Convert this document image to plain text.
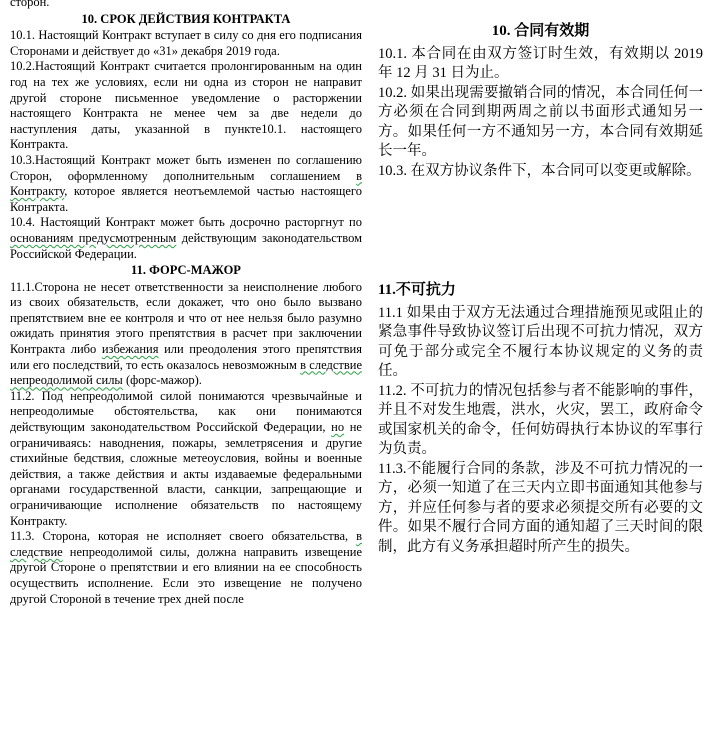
сторон.
10. СРОК ДЕЙСТВИЯ КОНТРАКТА
10.1. Настоящий Контракт вступает в силу со дня его подписания Сторонами и действует до «31» декабря 2019 года.
10.2.Настоящий Контракт считается пролонгированным на один год на тех же условиях, если ни одна из сторон не направит другой стороне письменное уведомление о расторжении настоящего Контракта не менее чем за две недели до наступления даты, указанной в пункте10.1. настоящего Контракта.
10.3.Настоящий Контракт может быть изменен по соглашению Сторон, оформленному дополнительным соглашением в Контракту, которое является неотъемлемой частью настоящего Контракта.
10.4. Настоящий Контракт может быть досрочно расторгнут по основаниям предусмотренным действующим законодательством Российской Федерации.
11. ФОРС-МАЖОР
11.1.Сторона не несет ответственности за неисполнение любого из своих обязательств, если докажет, что оно было вызвано препятствием вне ее контроля и что от нее нельзя было разумно ожидать принятия этого препятствия в расчет при заключении Контракта либо избежания или преодоления этого препятствия или его последствий, то есть оказалось невозможным в следствие непреодолимой силы (форс-мажор).
11.2. Под непреодолимой силой понимаются чрезвычайные и непреодолимые обстоятельства, как они понимаются действующим законодательством Российской Федерации, но не ограничиваясь: наводнения, пожары, землетрясения и другие стихийные бедствия, сложные метеоусловия, войны и военные действия, а также действия и акты издаваемые федеральными органами государственной власти, санкции, запрещающие и ограничивающие исполнение обязательств по настоящему Контракту.
11.3. Сторона, которая не исполняет своего обязательства, в следствие непреодолимой силы, должна направить извещение другой Стороне о препятствии и его влиянии на ее способность осуществить исполнение. Если это извещение не получено другой Стороной в течение трех дней после
10. 合同有效期
10.1. 本合同在由双方签订时生效，有效期以 2019 年 12 月 31 日为止。
10.2. 如果出现需要撤销合同的情况，本合同任何一方必须在合同到期两周之前以书面形式通知另一方。如果任何一方不通知另一方，本合同有效期延长一年。
10.3. 在双方协议条件下，本合同可以变更或解除。
11.不可抗力
11.1 如果由于双方无法通过合理措施预见或阻止的紧急事件导致协议签订后出现不可抗力情况，双方可免于部分或完全不履行本协议规定的义务的责任。
11.2. 不可抗力的情况包括参与者不能影响的事件，并且不对发生地震，洪水，火灾，罢工，政府命令或国家机关的命令，任何妨碍执行本协议的军事行为负责。
11.3.不能履行合同的条款，涉及不可抗力情况的一方，必须一知道了在三天内立即书面通知其他参与方，并应任何参与者的要求必须提交所有必要的文件。如果不履行合同方面的通知超了三天时间的限制，此方有义务承担超时所产生的损失。
